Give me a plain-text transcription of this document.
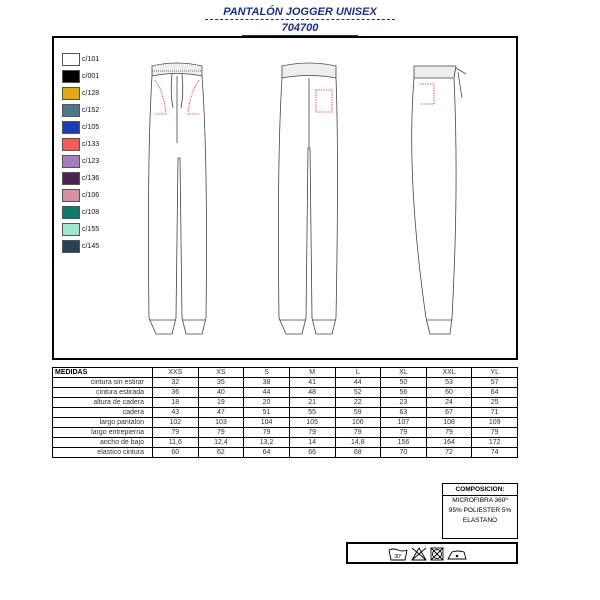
PANTALÓN JOGGER UNISEX
704700
c/101
c/001
c/128
c/152
c/105
c/133
c/123
c/136
c/106
c/108
c/155
c/145
MEDIDAS	XXS	XS	S	M	L	XL	XXL	YL
cintura sin estirar	32	35	38	41	44	50	53	57
cintura estirada	36	40	44	48	52	56	60	64
altura de cadera	18	19	20	21	22	23	24	25
cadera	43	47	51	55	59	63	67	71
largo pantalon	102	103	104	105	106	107	108	109
largo entrepierna	79	79	79	79	79	79	79	79
ancho de bajo	11,6	12,4	13,2	14	14,8	156	164	172
elastico cintura	60	62	64	66	68	70	72	74
COMPOSICION:
MICROFIBRA 360º
95% POLIESTER 5%
ELASTANO
30°
